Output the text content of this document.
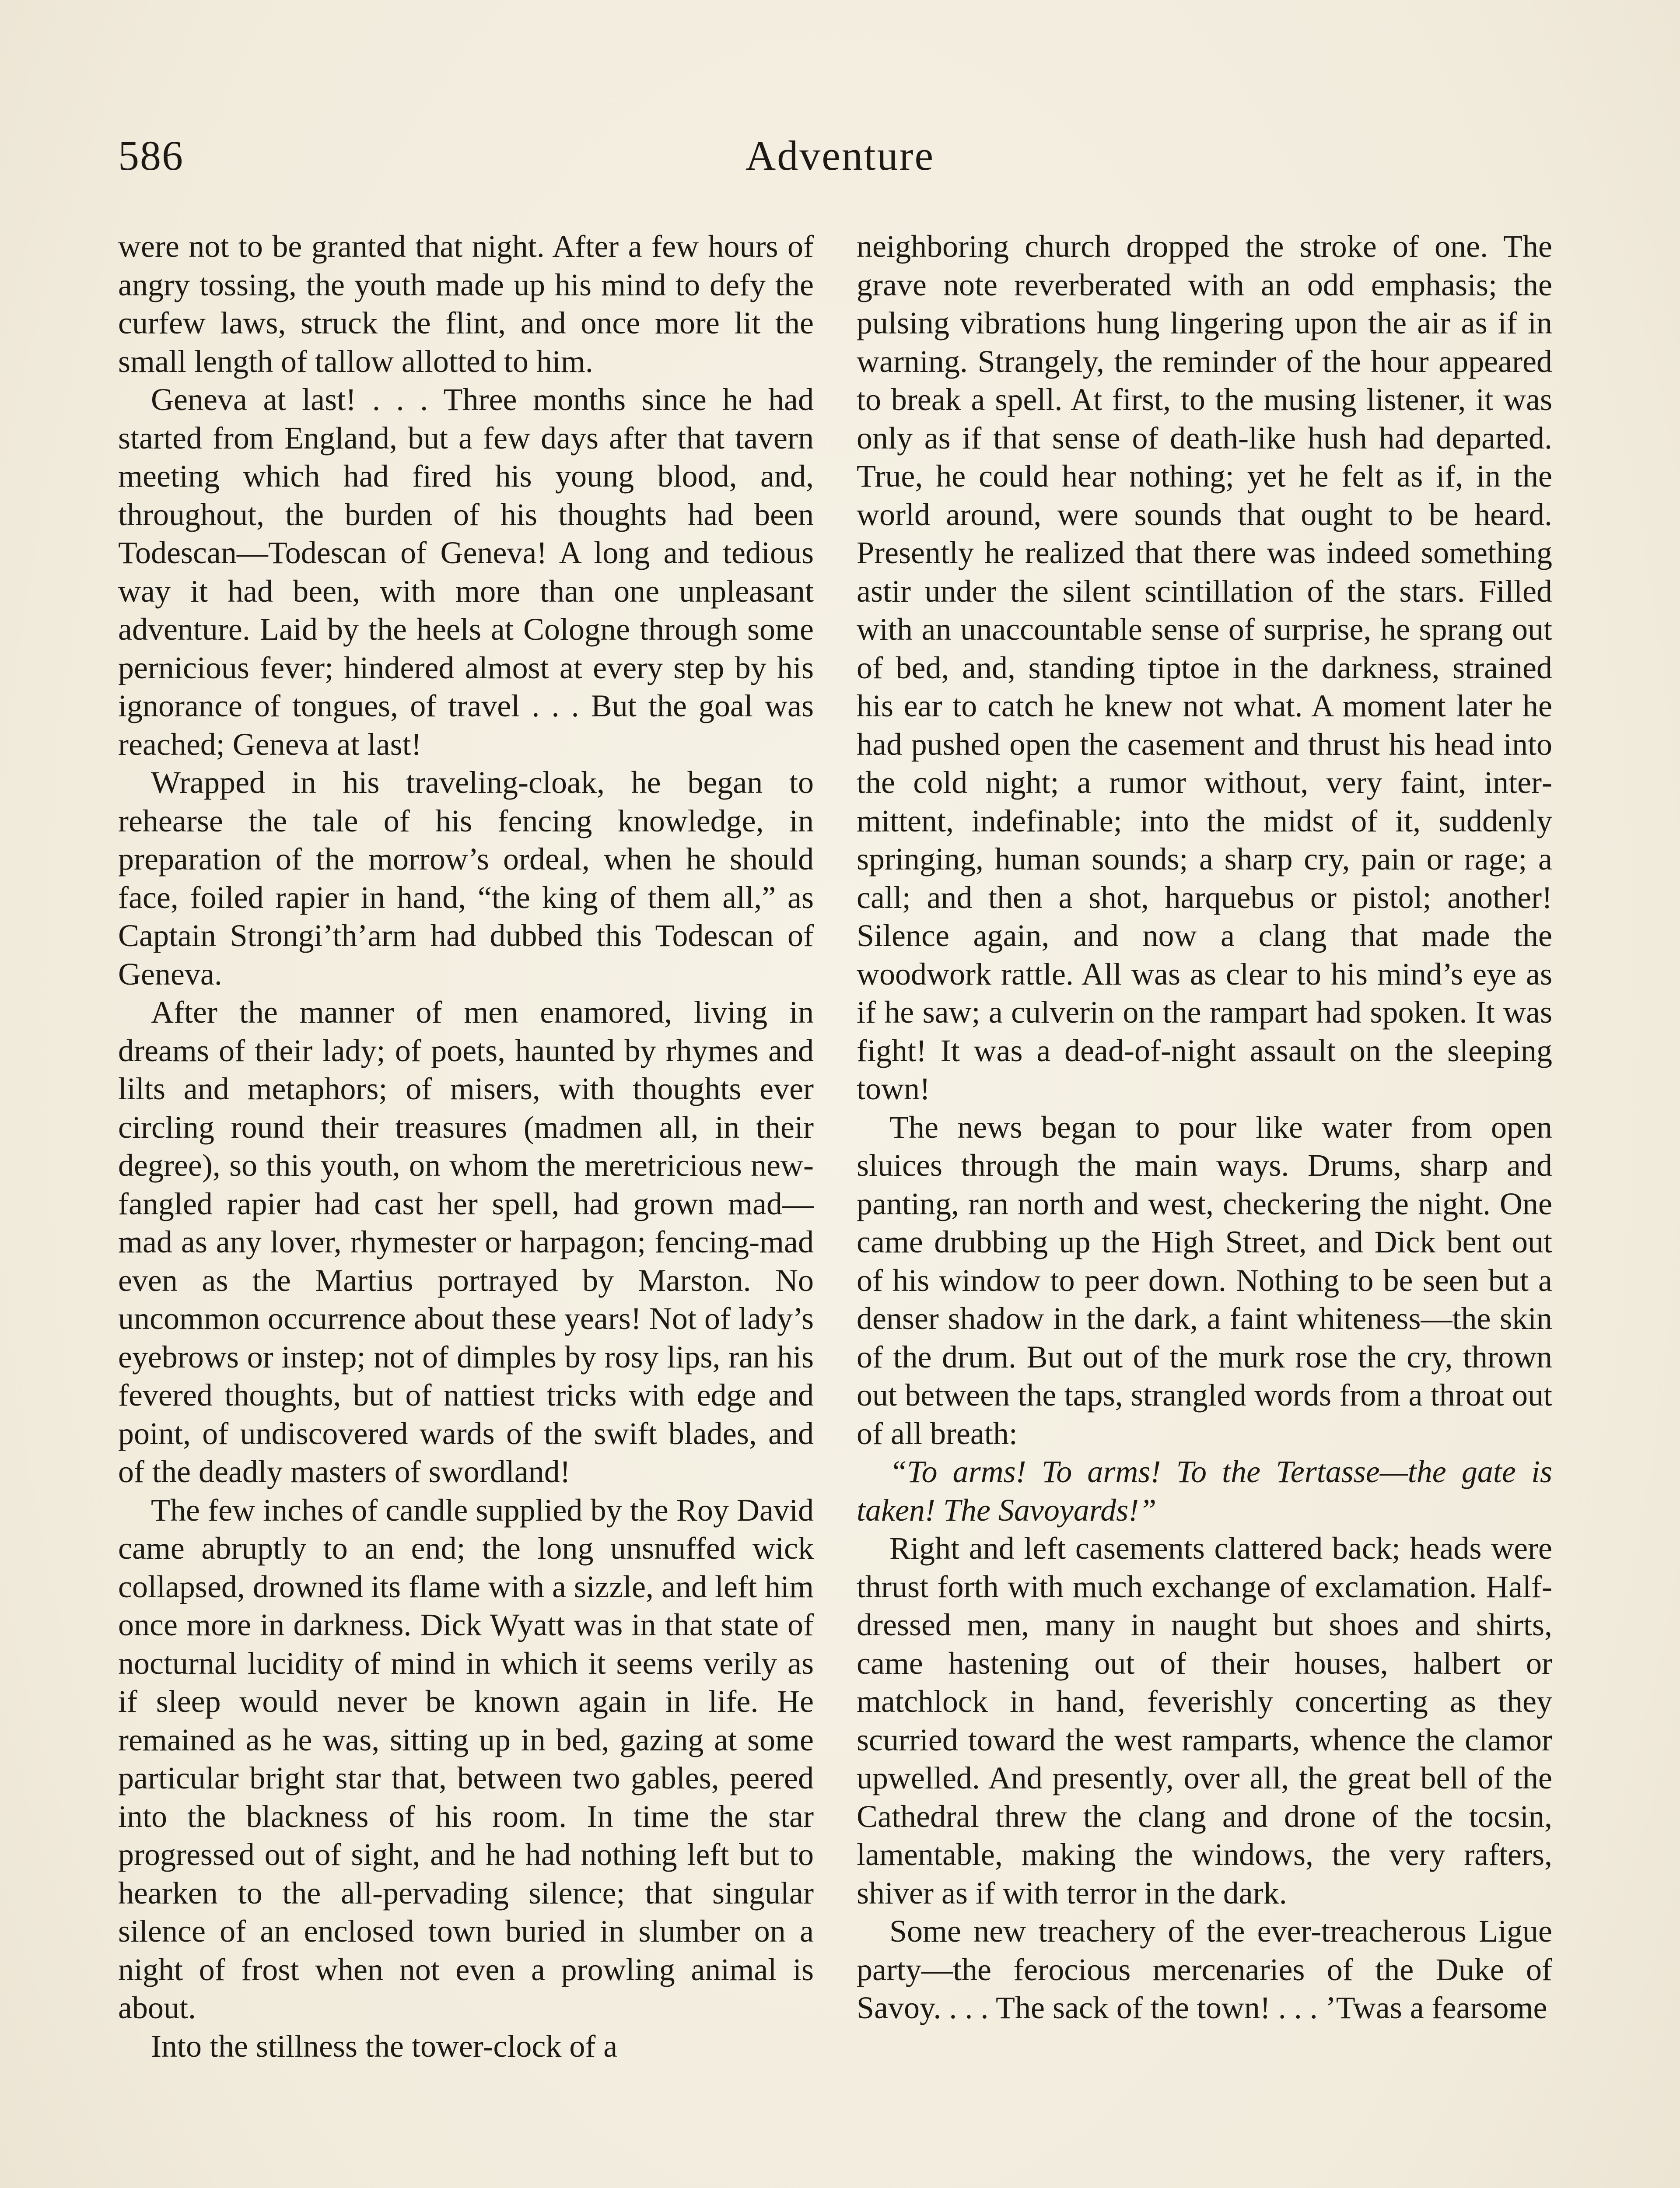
586	Adventure

were not to be granted that night. After a few hours of angry tossing, the youth made up his mind to defy the curfew laws, struck the flint, and once more lit the small length of tallow allotted to him.

Geneva at last! . . . Three months since he had started from England, but a few days after that tavern meeting which had fired his young blood, and, throughout, the burden of his thoughts had been Todescan—Todescan of Geneva! A long and tedious way it had been, with more than one unpleasant adventure. Laid by the heels at Cologne through some pernicious fever; hindered almost at every step by his ignorance of tongues, of travel . . . But the goal was reached; Geneva at last!

Wrapped in his traveling-cloak, he began to rehearse the tale of his fencing knowledge, in preparation of the morrow’s ordeal, when he should face, foiled rapier in hand, “the king of them all,” as Captain Strongi’th’arm had dubbed this Todescan of Geneva.

After the manner of men enamored, living in dreams of their lady; of poets, haunted by rhymes and lilts and metaphors; of misers, with thoughts ever circling round their treasures (madmen all, in their degree), so this youth, on whom the meretricious newfangled rapier had cast her spell, had grown mad—mad as any lover, rhymester or harpagon; fencing-mad even as the Martius portrayed by Marston. No uncommon occurrence about these years! Not of lady’s eyebrows or instep; not of dimples by rosy lips, ran his fevered thoughts, but of nattiest tricks with edge and point, of undiscovered wards of the swift blades, and of the deadly masters of swordland!

The few inches of candle supplied by the Roy David came abruptly to an end; the long unsnuffed wick collapsed, drowned its flame with a sizzle, and left him once more in darkness. Dick Wyatt was in that state of nocturnal lucidity of mind in which it seems verily as if sleep would never be known again in life. He remained as he was, sitting up in bed, gazing at some particular bright star that, between two gables, peered into the blackness of his room. In time the star progressed out of sight, and he had nothing left but to hearken to the all-pervading silence; that singular silence of an enclosed town buried in slumber on a night of frost when not even a prowling animal is about.

Into the stillness the tower-clock of a

neighboring church dropped the stroke of one. The grave note reverberated with an odd emphasis; the pulsing vibrations hung lingering upon the air as if in warning. Strangely, the reminder of the hour appeared to break a spell. At first, to the musing listener, it was only as if that sense of death-like hush had departed. True, he could hear nothing; yet he felt as if, in the world around, were sounds that ought to be heard. Presently he realized that there was indeed something astir under the silent scintillation of the stars. Filled with an unaccountable sense of surprise, he sprang out of bed, and, standing tiptoe in the darkness, strained his ear to catch he knew not what. A moment later he had pushed open the casement and thrust his head into the cold night; a rumor without, very faint, intermittent, indefinable; into the midst of it, suddenly springing, human sounds; a sharp cry, pain or rage; a call; and then a shot, harquebus or pistol; another! Silence again, and now a clang that made the woodwork rattle. All was as clear to his mind’s eye as if he saw; a culverin on the rampart had spoken. It was fight! It was a dead-of-night assault on the sleeping town!

The news began to pour like water from open sluices through the main ways. Drums, sharp and panting, ran north and west, checkering the night. One came drubbing up the High Street, and Dick bent out of his window to peer down. Nothing to be seen but a denser shadow in the dark, a faint whiteness—the skin of the drum. But out of the murk rose the cry, thrown out between the taps, strangled words from a throat out of all breath:

“To arms! To arms! To the Tertasse—the gate is taken! The Savoyards!”

Right and left casements clattered back; heads were thrust forth with much exchange of exclamation. Half-dressed men, many in naught but shoes and shirts, came hastening out of their houses, halbert or matchlock in hand, feverishly concerting as they scurried toward the west ramparts, whence the clamor upwelled. And presently, over all, the great bell of the Cathedral threw the clang and drone of the tocsin, lamentable, making the windows, the very rafters, shiver as if with terror in the dark.

Some new treachery of the ever-treacherous Ligue party—the ferocious mercenaries of the Duke of Savoy. . . . The sack of the town! . . . ’Twas a fearsome
